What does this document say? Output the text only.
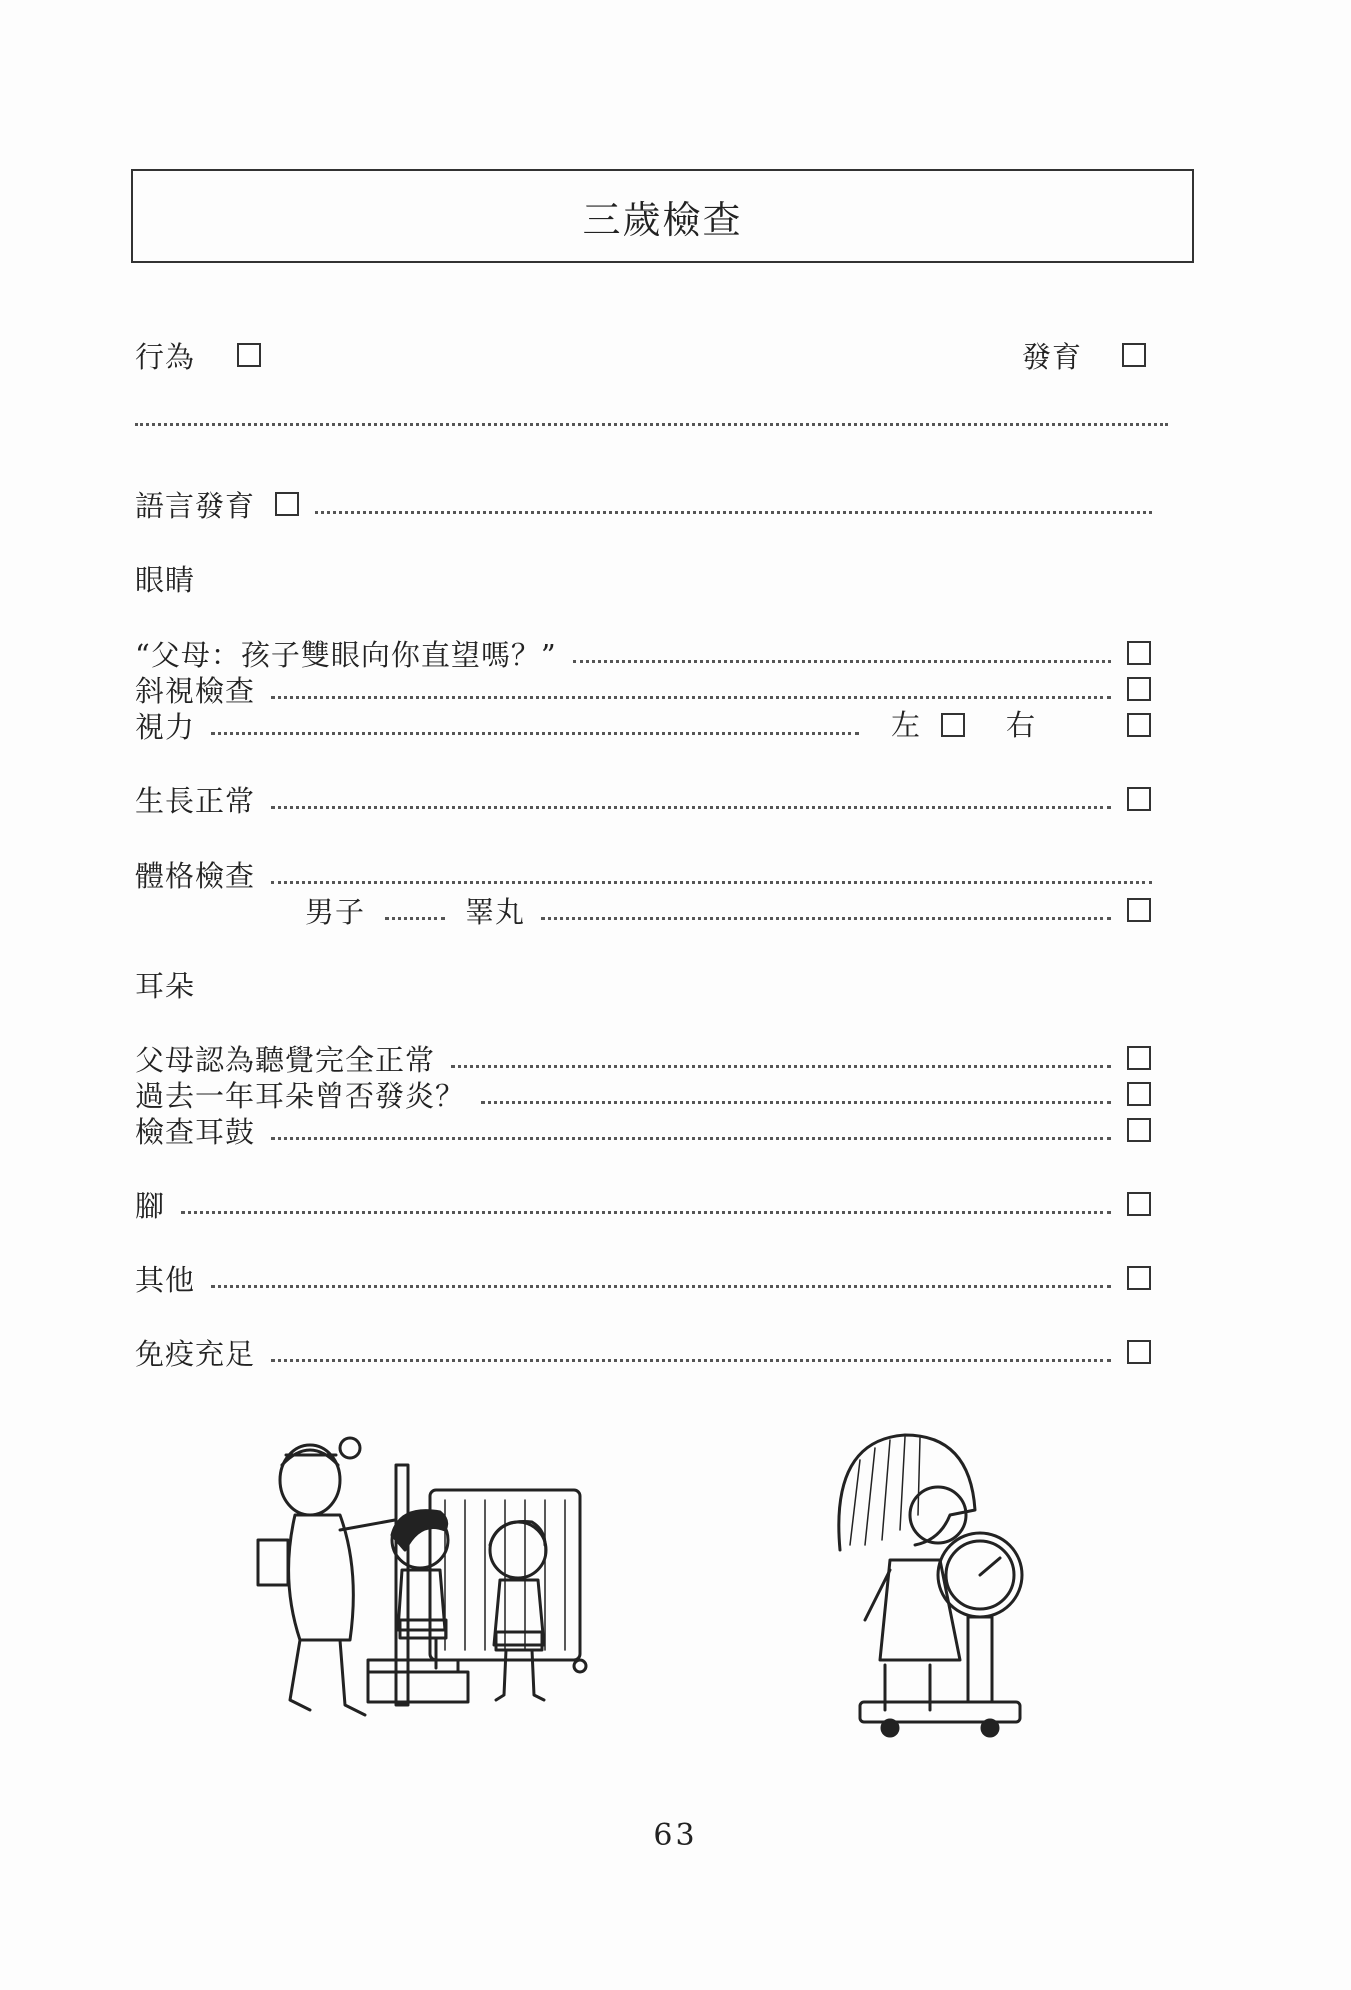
三歲檢查
行為	發育
語言發育
眼睛
“父母：孩子雙眼向你直望嗎？”
斜視檢查
視力	左	右
生長正常
體格檢查
男子	睪丸
耳朵
父母認為聽覺完全正常
過去一年耳朵曾否發炎？
檢查耳鼓
腳
其他
免疫充足
63
